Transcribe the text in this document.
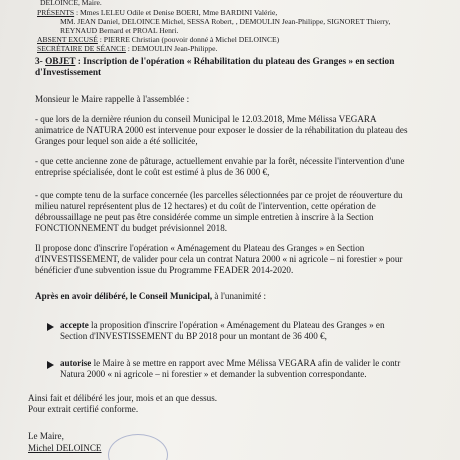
DELOINCE, Maire.
PRÉSENTS : Mmes LELEU Odile et Denise BOERI, Mme BARDINI Valérie,
MM. JEAN Daniel, DELOINCE Michel, SESSA Robert, , DEMOULIN Jean-Philippe, SIGNORET Thierry,
REYNAUD Bernard et PROAL Henri.
ABSENT EXCUSÉ : PIERRE Christian (pouvoir donné à Michel DELOINCE)
SECRÉTAIRE DE SÉANCE : DEMOULIN Jean-Philippe.
3- OBJET : Inscription de l'opération « Réhabilitation du plateau des Granges » en section
d'Investissement
Monsieur le Maire rappelle à l'assemblée :
- que lors de la dernière réunion du conseil Municipal le 12.03.2018, Mme Mélissa VEGARA
animatrice de NATURA 2000 est intervenue pour exposer le dossier de la réhabilitation du plateau des
Granges pour lequel son aide a été sollicitée,
- que cette ancienne zone de pâturage, actuellement envahie par la forêt, nécessite l'intervention d'une
entreprise spécialisée, dont le coût est estimé à plus de 36 000 €,
- que compte tenu de la surface concernée (les parcelles sélectionnées par ce projet de réouverture du
milieu naturel représentent plus de 12 hectares) et du coût de l'intervention, cette opération de
débroussaillage ne peut pas être considérée comme un simple entretien à inscrire à la Section
FONCTIONNEMENT du budget prévisionnel 2018.
Il propose donc d'inscrire l'opération « Aménagement du Plateau des Granges » en Section
d'INVESTISSEMENT, de valider pour cela un contrat Natura 2000 « ni agricole – ni forestier » pour
bénéficier d'une subvention issue du Programme FEADER 2014-2020.
Après en avoir délibéré, le Conseil Municipal, à l'unanimité :
accepte la proposition d'inscrire l'opération « Aménagement du Plateau des Granges » en
Section d'INVESTISSEMENT du BP 2018 pour un montant de 36 400 €,
autorise le Maire à se mettre en rapport avec Mme Mélissa VEGARA afin de valider le contr
Natura 2000 « ni agricole – ni forestier » et demander la subvention correspondante.
Ainsi fait et délibéré les jour, mois et an que dessus.
Pour extrait certifié conforme.
Le Maire,
Michel DELOINCE
